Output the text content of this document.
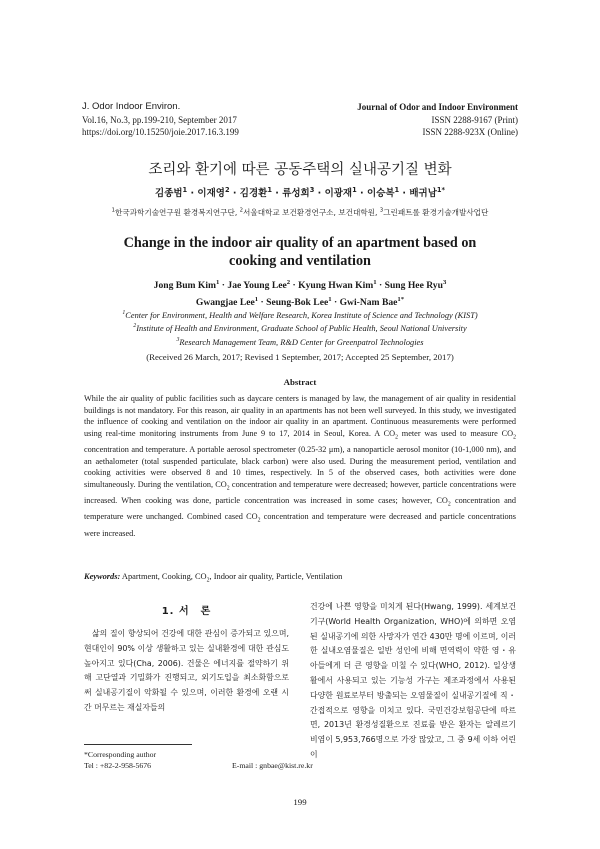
J. Odor Indoor Environ.
Vol.16, No.3, pp.199-210, September 2017
https://doi.org/10.15250/joie.2017.16.3.199
Journal of Odor and Indoor Environment
ISSN 2288-9167 (Print)
ISSN 2288-923X (Online)
조리와 환기에 따른 공동주택의 실내공기질 변화
김종범$^1$ · 이재영$^2$ · 김경환$^1$ · 류성희$^3$ · 이광재$^1$ · 이승복$^1$ · 배귀남$^{1*}$
$^1$한국과학기술연구원 환경복지연구단, $^2$서울대학교 보건환경연구소, 보건대학원, $^3$그린패트롤 환경기술개발사업단
Change in the indoor air quality of an apartment based on cooking and ventilation
Jong Bum Kim$^1$ · Jae Young Lee$^2$ · Kyung Hwan Kim$^1$ · Sung Hee Ryu$^3$
Gwangjae Lee$^1$ · Seung-Bok Lee$^1$ · Gwi-Nam Bae$^{1*}$
$^1$Center for Environment, Health and Welfare Research, Korea Institute of Science and Technology (KIST)
$^2$Institute of Health and Environment, Graduate School of Public Health, Seoul National University
$^3$Research Management Team, R&D Center for Greenpatrol Technologies
(Received 26 March, 2017; Revised 1 September, 2017; Accepted 25 September, 2017)
Abstract

While the air quality of public facilities such as daycare centers is managed by law, the management of air quality in residential buildings is not mandatory. For this reason, air quality in an apartments has not been well surveyed. In this study, we investigated the influence of cooking and ventilation on the indoor air quality in an apartment. Continuous measurements were performed using real-time monitoring instruments from June 9 to 17, 2014 in Seoul, Korea. A $CO_2$ meter was used to measure $CO_2$ concentration and temperature. A portable aerosol spectrometer (0.25-32 μm), a nanoparticle aerosol monitor (10-1,000 nm), and an aethalometer (total suspended particulate, black carbon) were also used. During the measurement period, ventilation and cooking activities were observed 8 and 10 times, respectively. In 5 of the observed cases, both activities were done simultaneously. During the ventilation, $CO_2$ concentration and temperature were decreased; however, particle concentrations were increased. When cooking was done, particle concentration was increased in some cases; however, $CO_2$ concentration and temperature were unchanged. Combined cased $CO_2$ concentration and temperature were decreased and particle concentrations were increased.

Keywords: Apartment, Cooking, $CO_2$, Indoor air quality, Particle, Ventilation
1. 서　론

삶의 질이 향상되어 건강에 대한 관심이 증가되고 있으며, 현대인이 90% 이상 생활하고 있는 실내환경에 대한 관심도 높아지고 있다(Cha, 2006). 건물은 에너지를 절약하기 위해 고단열과 기밀화가 진행되고, 외기도입을 최소화함으로써 실내공기질이 악화될 수 있으며, 이러한 환경에 오랜 시간 머무르는 재실자들의

건강에 나쁜 영향을 미치게 된다(Hwang, 1999). 세계보건기구(World Health Organization, WHO)에 의하면 오염된 실내공기에 의한 사망자가 연간 430만 명에 이르며, 이러한 실내오염물질은 일반 성인에 비해 면역력이 약한 영・유아들에게 더 큰 영향을 미칠 수 있다(WHO, 2012). 일상생활에서 사용되고 있는 기능성 가구는 제조과정에서 사용된 다양한 원료로부터 방출되는 오염물질이 실내공기질에 직・간접적으로 영향을 미치고 있다. 국민건강보험공단에 따르면, 2013년 환경성질환으로 진료를 받은 환자는 알레르기 비염이 5,953,766명으로 가장 많았고, 그 중 9세 이하 어린이

*Corresponding author
Tel : +82-2-958-5676	E-mail : gnbae@kist.re.kr
199
